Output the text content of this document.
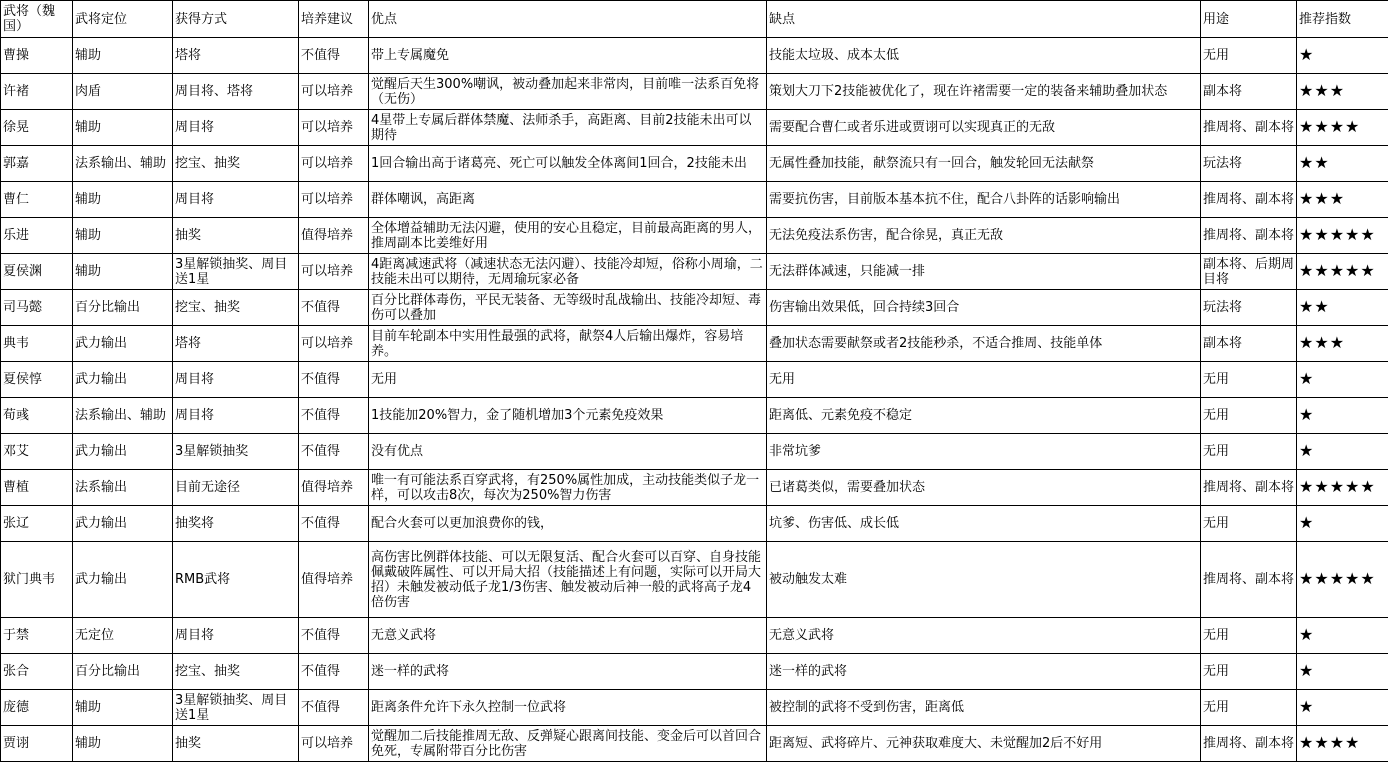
武将（魏国）	武将定位	获得方式	培养建议	优点	缺点	用途	推荐指数
曹操	辅助	塔将	不值得	带上专属魔免	技能太垃圾、成本太低	无用	★
许褚	肉盾	周目将、塔将	可以培养	觉醒后天生300%嘲讽，被动叠加起来非常肉，目前唯一法系百免将（无伤）	策划大刀下2技能被优化了，现在许褚需要一定的装备来辅助叠加状态	副本将	★★★
徐晃	辅助	周目将	可以培养	4星带上专属后群体禁魔、法师杀手，高距离、目前2技能未出可以期待	需要配合曹仁或者乐进或贾诩可以实现真正的无敌	推周将、副本将	★★★★
郭嘉	法系输出、辅助	挖宝、抽奖	可以培养	1回合输出高于诸葛亮、死亡可以触发全体离间1回合，2技能未出	无属性叠加技能，献祭流只有一回合，触发轮回无法献祭	玩法将	★★
曹仁	辅助	周目将	可以培养	群体嘲讽，高距离	需要抗伤害，目前版本基本抗不住，配合八卦阵的话影响输出	推周将、副本将	★★★
乐进	辅助	抽奖	值得培养	全体增益辅助无法闪避，使用的安心且稳定，目前最高距离的男人，推周副本比姜维好用	无法免疫法系伤害，配合徐晃，真正无敌	推周将、副本将	★★★★★
夏侯渊	辅助	3星解锁抽奖、周目送1星	可以培养	4距离减速武将（减速状态无法闪避）、技能冷却短，俗称小周瑜，二技能未出可以期待，无周瑜玩家必备	无法群体减速，只能减一排	副本将、后期周目将	★★★★★
司马懿	百分比输出	挖宝、抽奖	不值得	百分比群体毒伤，平民无装备、无等级时乱战输出、技能冷却短、毒伤可以叠加	伤害输出效果低，回合持续3回合	玩法将	★★
典韦	武力输出	塔将	可以培养	目前车轮副本中实用性最强的武将，献祭4人后输出爆炸，容易培养。	叠加状态需要献祭或者2技能秒杀，不适合推周、技能单体	副本将	★★★
夏侯惇	武力输出	周目将	不值得	无用	无用	无用	★
荀彧	法系输出、辅助	周目将	不值得	1技能加20%智力，金了随机增加3个元素免疫效果	距离低、元素免疫不稳定	无用	★
邓艾	武力输出	3星解锁抽奖	不值得	没有优点	非常坑爹	无用	★
曹植	法系输出	目前无途径	值得培养	唯一有可能法系百穿武将，有250%属性加成，主动技能类似子龙一样，可以攻击8次，每次为250%智力伤害	已诸葛类似，需要叠加状态	推周将、副本将	★★★★★
张辽	武力输出	抽奖将	不值得	配合火套可以更加浪费你的钱，	坑爹、伤害低、成长低	无用	★
狱门典韦	武力输出	RMB武将	值得培养	高伤害比例群体技能、可以无限复活、配合火套可以百穿、自身技能佩戴破阵属性、可以开局大招（技能描述上有问题，实际可以开局大招）未触发被动低子龙1/3伤害、触发被动后神一般的武将高子龙4倍伤害	被动触发太难	推周将、副本将	★★★★★
于禁	无定位	周目将	不值得	无意义武将	无意义武将	无用	★
张合	百分比输出	挖宝、抽奖	不值得	迷一样的武将	迷一样的武将	无用	★
庞德	辅助	3星解锁抽奖、周目送1星	不值得	距离条件允许下永久控制一位武将	被控制的武将不受到伤害，距离低	无用	★
贾诩	辅助	抽奖	可以培养	觉醒加二后技能推周无敌、反弹疑心跟离间技能、变金后可以首回合免死，专属附带百分比伤害	距离短、武将碎片、元神获取难度大、未觉醒加2后不好用	推周将、副本将	★★★★
